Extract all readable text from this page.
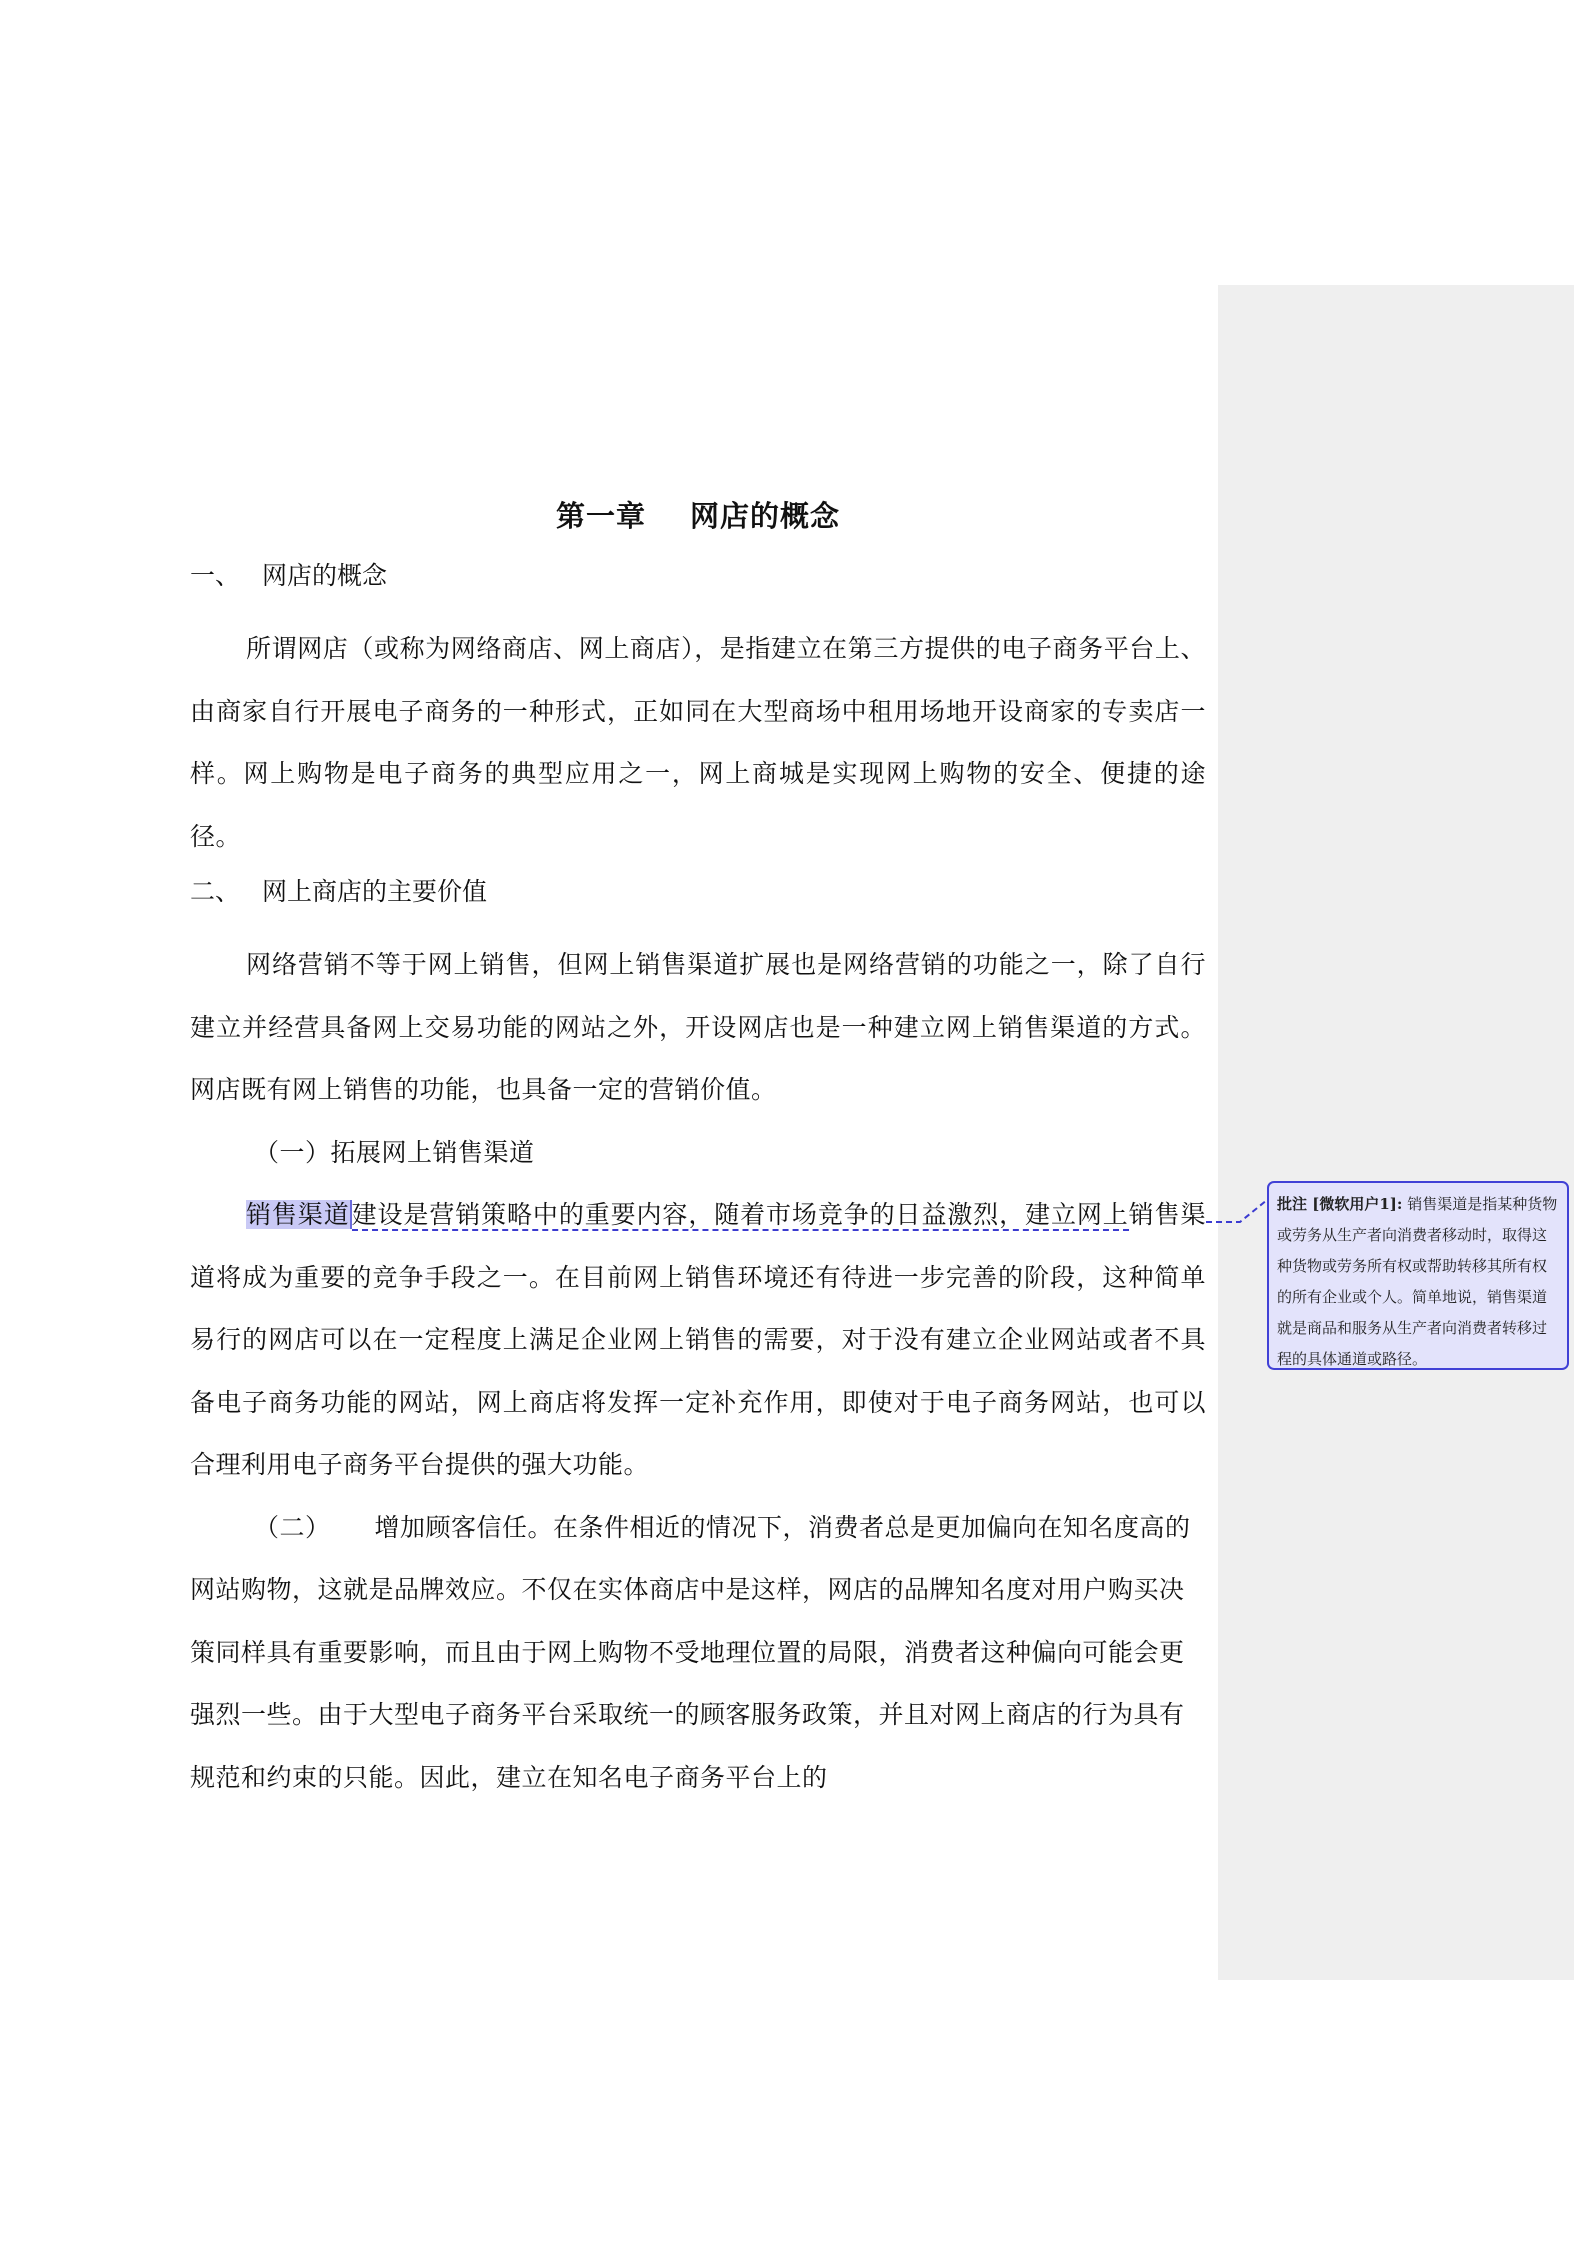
第一章 网店的概念
一、 网店的概念

所谓网店（或称为网络商店、网上商店），是指建立在第三方提供的电子商务平台上、由商家自行开展电子商务的一种形式，正如同在大型商场中租用场地开设商家的专卖店一样。网上购物是电子商务的典型应用之一，网上商城是实现网上购物的安全、便捷的途径。

二、 网上商店的主要价值

网络营销不等于网上销售，但网上销售渠道扩展也是网络营销的功能之一，除了自行建立并经营具备网上交易功能的网站之外，开设网店也是一种建立网上销售渠道的方式。网店既有网上销售的功能，也具备一定的营销价值。

（一）拓展网上销售渠道

销售渠道建设是营销策略中的重要内容，随着市场竞争的日益激烈，建立网上销售渠道将成为重要的竞争手段之一。在目前网上销售环境还有待进一步完善的阶段，这种简单易行的网店可以在一定程度上满足企业网上销售的需要，对于没有建立企业网站或者不具备电子商务功能的网站，网上商店将发挥一定补充作用，即使对于电子商务网站，也可以合理利用电子商务平台提供的强大功能。

（二） 增加顾客信任。在条件相近的情况下，消费者总是更加偏向在知名度高的网站购物，这就是品牌效应。不仅在实体商店中是这样，网店的品牌知名度对用户购买决策同样具有重要影响，而且由于网上购物不受地理位置的局限，消费者这种偏向可能会更强烈一些。由于大型电子商务平台采取统一的顾客服务政策，并且对网上商店的行为具有规范和约束的只能。因此，建立在知名电子商务平台上的

批注 [微软用户1]: 销售渠道是指某种货物或劳务从生产者向消费者移动时，取得这种货物或劳务所有权或帮助转移其所有权的所有企业或个人。简单地说，销售渠道就是商品和服务从生产者向消费者转移过程的具体通道或路径。
